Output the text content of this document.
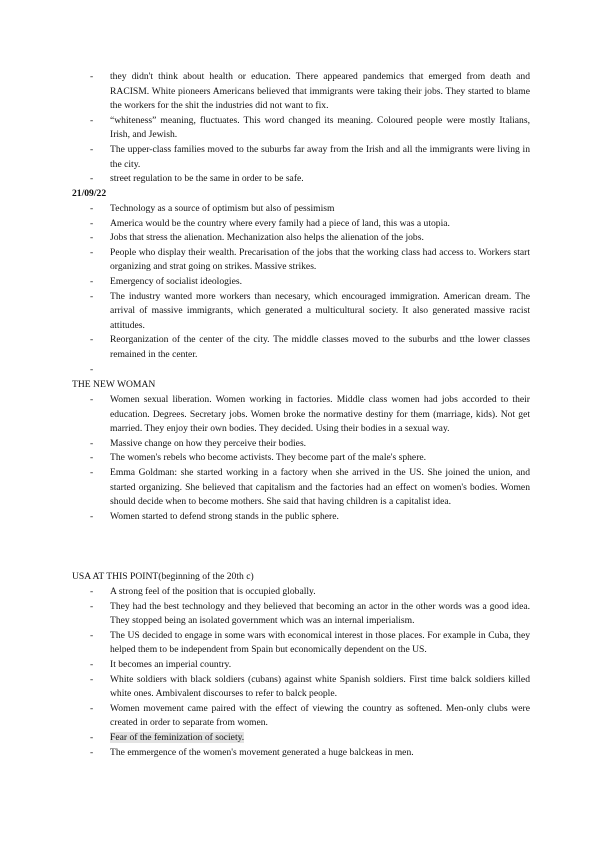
- they didn't think about health or education. There appeared pandemics that emerged from death and RACISM. White pioneers Americans believed that immigrants were taking their jobs. They started to blame the workers for the shit the industries did not want to fix.

- “whiteness” meaning, fluctuates. This word changed its meaning. Coloured people were mostly Italians, Irish, and Jewish.

- The upper-class families moved to the suburbs far away from the Irish and all the immigrants were living in the city.

- street regulation to be the same in order to be safe.

21/09/22

- Technology as a source of optimism but also of pessimism

- America would be the country where every family had a piece of land, this was a utopia.

- Jobs that stress the alienation. Mechanization also helps the alienation of the jobs.

- People who display their wealth. Precarisation of the jobs that the working class had access to. Workers start organizing and strat going on strikes. Massive strikes.

- Emergency of socialist ideologies.

- The industry wanted more workers than necesary, which encouraged immigration. American dream. The arrival of massive immigrants, which generated a multicultural society. It also generated massive racist attitudes.

- Reorganization of the center of the city. The middle classes moved to the suburbs and tthe lower classes remained in the center.

-

THE NEW WOMAN

- Women sexual liberation. Women working in factories. Middle class women had jobs accorded to their education. Degrees. Secretary jobs. Women broke the normative destiny for them (marriage, kids). Not get married. They enjoy their own bodies. They decided. Using their bodies in a sexual way.

- Massive change on how they perceive their bodies.

- The women's rebels who become activists. They become part of the male's sphere.

- Emma Goldman: she started working in a factory when she arrived in the US. She joined the union, and started organizing. She believed that capitalism and the factories had an effect on women's bodies. Women should decide when to become mothers. She said that having children is a capitalist idea.

- Women started to defend strong stands in the public sphere.

USA AT THIS POINT(beginning of the 20th c)

- A strong feel of the position that is occupied globally.

- They had the best technology and they believed that becoming an actor in the other words was a good idea. They stopped being an isolated government which was an internal imperialism.

- The US decided to engage in some wars with economical interest in those places. For example in Cuba, they helped them to be independent from Spain but economically dependent on the US.

- It becomes an imperial country.

- White soldiers with black soldiers (cubans) against white Spanish soldiers. First time balck soldiers killed white ones. Ambivalent discourses to refer to balck people.

- Women movement came paired with the effect of viewing the country as softened. Men-only clubs were created in order to separate from women.

- Fear of the feminization of society.

- The emmergence of the women's movement generated a huge balckeas in men.
